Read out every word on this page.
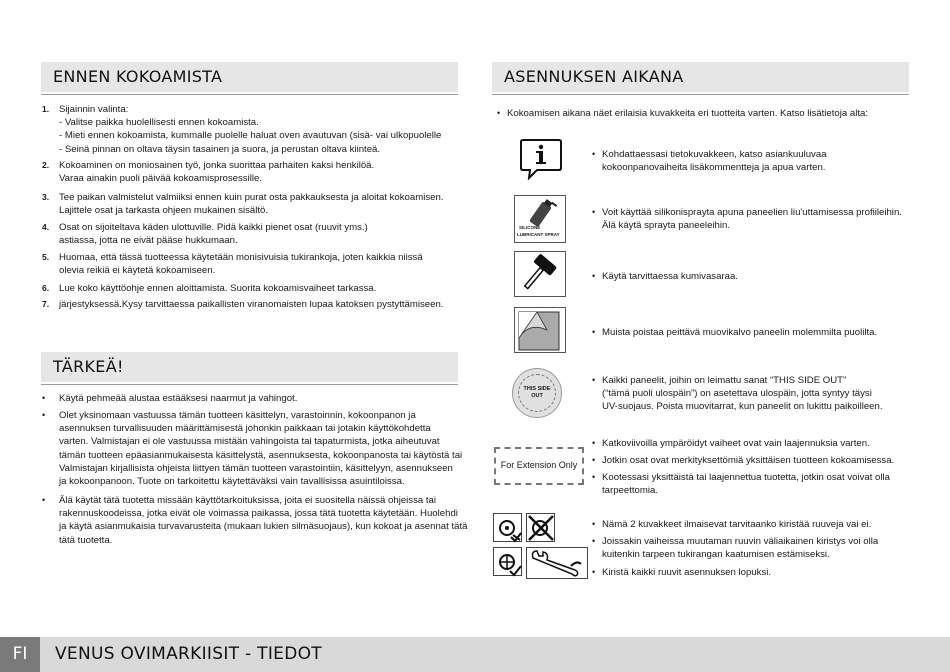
ENNEN KOKOAMISTA
1. Sijainnin valinta:
- Valitse paikka huolellisesti ennen kokoamista.
- Mieti ennen kokoamista, kummalle puolelle haluat oven avautuvan (sisä- vai ulkopuolelle
- Seinä pinnan on oltava täysin tasainen ja suora, ja perustan oltava kiinteä.
2. Kokoaminen on moniosainen työ, jonka suorittaa parhaiten kaksi henkilöä.
Varaa ainakin puoli päivää kokoamisprosessille.
3. Tee paikan valmistelut valmiiksi ennen kuin purat osta pakkauksesta ja aloitat kokoamisen.
Lajittele osat ja tarkasta ohjeen mukainen sisältö.
4. Osat on sijoiteltava käden ulottuville. Pidä kaikki pienet osat (ruuvit yms.)
astiassa, jotta ne eivät pääse hukkumaan.
5. Huomaa, että tässä tuotteessa käytetään monisivuisia tukirankoja, joten kaikkia niissä
olevia reikiä ei käytetä kokoamiseen.
6. Lue koko käyttöohje ennen aloittamista. Suorita kokoamisvaiheet tarkassa.
7. järjestyksessä.Kysy tarvittaessa paikallisten viranomaisten lupaa katoksen pystyttämiseen.
TÄRKEÄ!
• Käytä pehmeää alustaa estääksesi naarmut ja vahingot.
• Olet yksinomaan vastuussa tämän tuotteen käsittelyn, varastoinnin, kokoonpanon ja
asennuksen turvallisuuden määrittämisestä johonkin paikkaan tai jotakin käyttökohdetta
varten. Valmistajan ei ole vastuussa mistään vahingoista tai tapaturmista, jotka aiheutuvat
tämän tuotteen epäasianmukaisesta käsittelystä, asennuksesta, kokoonpanosta tai käytöstä tai
Valmistajan kirjallisista ohjeista liittyen tämän tuotteen varastointiin, käsittelyyn, asennukseen
ja kokoonpanoon. Tuote on tarkoitettu käytettäväksi vain tavallisissa asuintiloissa.
• Älä käytät tätä tuotetta missään käyttötarkoituksissa, joita ei suositella näissä ohjeissa tai
rakennuskoodeissa, jotka eivät ole voimassa paikassa, jossa tätä tuotetta käytetään. Huolehdi
ja käytä asianmukaisia turvavarusteita (mukaan lukien silmäsuojaus), kun kokoat ja asennat tätä
tätä tuotetta.
ASENNUKSEN AIKANA
• Kokoamisen aikana näet erilaisia kuvakkeita eri tuotteita varten. Katso lisätietoja alta:
SILICONE
LUBRICANT SPRAY
THIS SIDE
OUT
For Extension Only
• Kohdattaessasi tietokuvakkeen, katso asiankuuluvaa
kokoonpanovaiheita lisäkommentteja ja apua varten.
• Voit käyttää silikonisprayta apuna paneelien liu'uttamisessa profiileihin.
Älä käytä sprayta paneeleihin.
• Käytä tarvittaessa kumivasaraa.
• Muista poistaa peittävä muovikalvo paneelin molemmilta puolilta.
• Kaikki paneelit, joihin on leimattu sanat “THIS SIDE OUT”
(“tämä puoli ulospäin”) on asetettava ulospäin, jotta syntyy täysi
UV-suojaus. Poista muovitarrat, kun paneelit on lukittu paikoilleen.
• Katkoviivoilla ympäröidyt vaiheet ovat vain laajennuksia varten.
• Jotkin osat ovat merkityksettömiä yksittäisen tuotteen kokoamisessa.
• Kootessasi yksittäistä tai laajennettua tuotetta, jotkin osat voivat olla
tarpeettomia.
• Nämä 2 kuvakkeet ilmaisevat tarvitaanko kiristää ruuveja vai ei.
• Joissakin vaiheissa muutaman ruuvin väliaikainen kiristys voi olla
kuitenkin tarpeen tukirangan kaatumisen estämiseksi.
• Kiristä kaikki ruuvit asennuksen lopuksi.
FI	VENUS OVIMARKIISIT - TIEDOT
